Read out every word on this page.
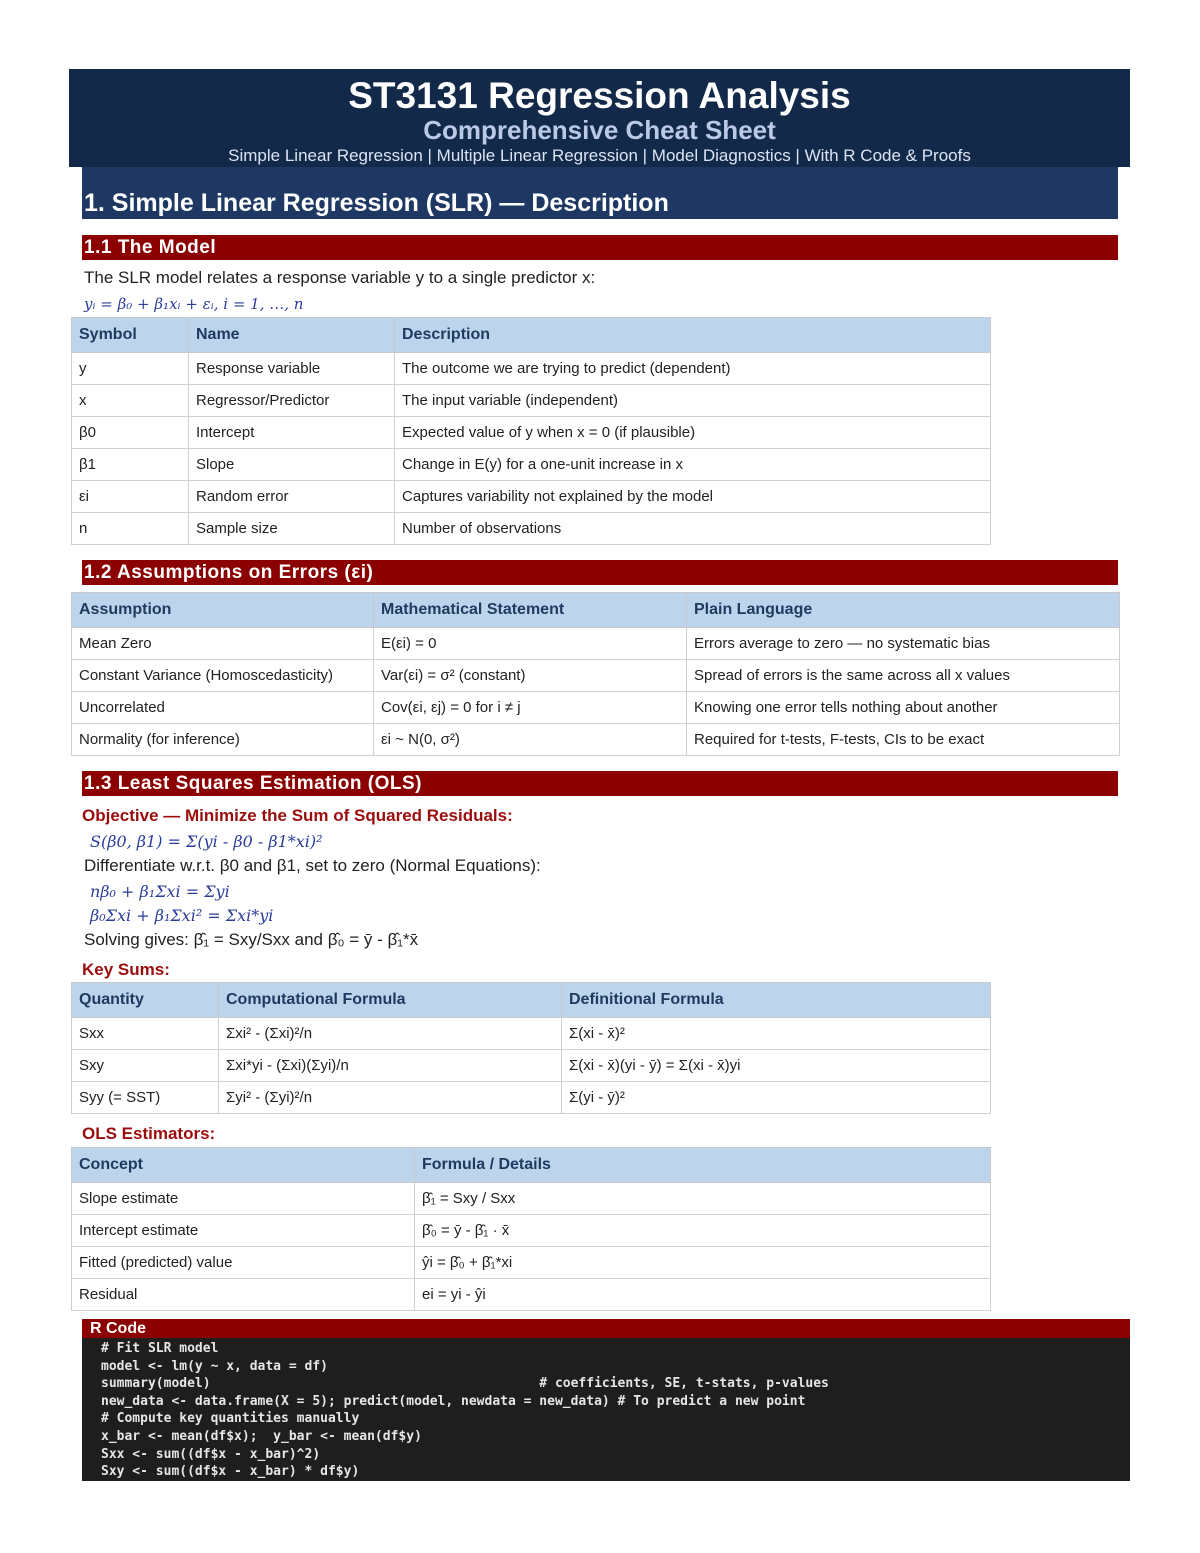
ST3131 Regression Analysis
Comprehensive Cheat Sheet
Simple Linear Regression | Multiple Linear Regression | Model Diagnostics | With R Code & Proofs
1. Simple Linear Regression (SLR) — Description
1.1 The Model
The SLR model relates a response variable y to a single predictor x:
yᵢ = β₀ + β₁xᵢ + εᵢ, i = 1, …, n
Symbol	Name	Description
y	Response variable	The outcome we are trying to predict (dependent)
x	Regressor/Predictor	The input variable (independent)
β0	Intercept	Expected value of y when x = 0 (if plausible)
β1	Slope	Change in E(y) for a one-unit increase in x
εi	Random error	Captures variability not explained by the model
n	Sample size	Number of observations
1.2 Assumptions on Errors (εi)
Assumption	Mathematical Statement	Plain Language
Mean Zero	E(εi) = 0	Errors average to zero — no systematic bias
Constant Variance (Homoscedasticity)	Var(εi) = σ² (constant)	Spread of errors is the same across all x values
Uncorrelated	Cov(εi, εj) = 0 for i ≠ j	Knowing one error tells nothing about another
Normality (for inference)	εi ~ N(0, σ²)	Required for t-tests, F-tests, CIs to be exact
1.3 Least Squares Estimation (OLS)
Objective — Minimize the Sum of Squared Residuals:
S(β0, β1) = Σ(yi - β0 - β1*xi)²
Differentiate w.r.t. β0 and β1, set to zero (Normal Equations):
nβ₀ + β₁Σxi = Σyi
β₀Σxi + β₁Σxi² = Σxi*yi
Solving gives: β̂₁ = Sxy/Sxx and β̂₀ = ȳ - β̂₁*x̄
Key Sums:
Quantity	Computational Formula	Definitional Formula
Sxx	Σxi² - (Σxi)²/n	Σ(xi - x̄)²
Sxy	Σxi*yi - (Σxi)(Σyi)/n	Σ(xi - x̄)(yi - ȳ) = Σ(xi - x̄)yi
Syy (= SST)	Σyi² - (Σyi)²/n	Σ(yi - ȳ)²
OLS Estimators:
Concept	Formula / Details
Slope estimate	β̂₁ = Sxy / Sxx
Intercept estimate	β̂₀ = ȳ - β̂₁ · x̄
Fitted (predicted) value	ŷi = β̂₀ + β̂₁*xi
Residual	ei = yi - ŷi
R Code
# Fit SLR model
model <- lm(y ~ x, data = df)
summary(model)                                          # coefficients, SE, t-stats, p-values
new_data <- data.frame(X = 5); predict(model, newdata = new_data) # To predict a new point
# Compute key quantities manually
x_bar <- mean(df$x);  y_bar <- mean(df$y)
Sxx <- sum((df$x - x_bar)^2)
Sxy <- sum((df$x - x_bar) * df$y)
